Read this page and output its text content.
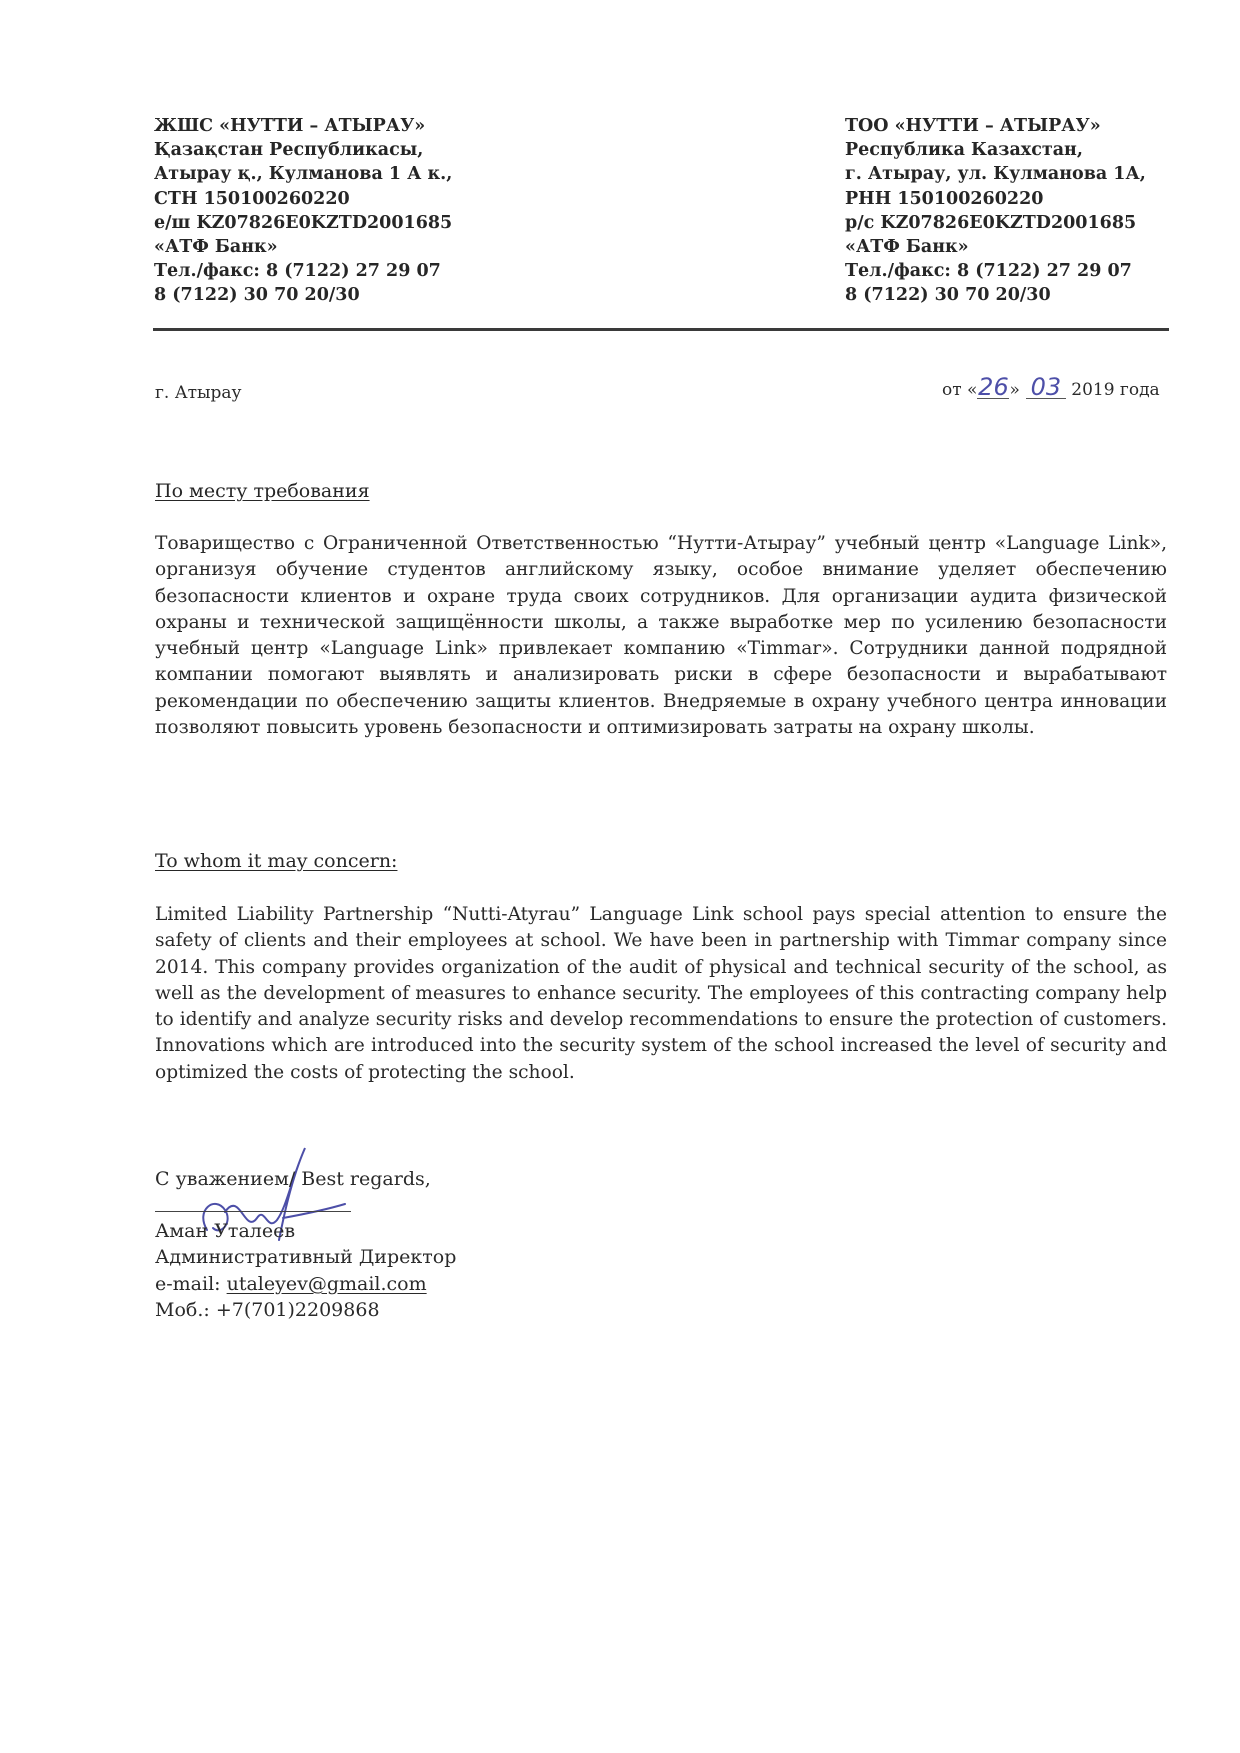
ЖШС «НУТТИ – АТЫРАУ»
Қазақстан Республикасы,
Атырау қ., Кулманова 1 А к.,
СТН 150100260220
е/ш KZ07826E0KZTD2001685
«АТФ Банк»
Тел./факс: 8 (7122) 27 29 07
8 (7122) 30 70 20/30
ТОО «НУТТИ – АТЫРАУ»
Республика Казахстан,
г. Атырау, ул. Кулманова 1А,
РНН 150100260220
р/с KZ07826E0KZTD2001685
«АТФ Банк»
Тел./факс: 8 (7122) 27 29 07
8 (7122) 30 70 20/30
г. Атырау	от «26» 03 2019 года
По месту требования
Товарищество с Ограниченной Ответственностью “Нутти-Атырау” учебный центр «Language Link», организуя обучение студентов английскому языку, особое внимание уделяет обеспечению безопасности клиентов и охране труда своих сотрудников. Для организации аудита физической охраны и технической защищённости школы, а также выработке мер по усилению безопасности учебный центр «Language Link» привлекает компанию «Timmar». Сотрудники данной подрядной компании помогают выявлять и анализировать риски в сфере безопасности и вырабатывают рекомендации по обеспечению защиты клиентов. Внедряемые в охрану учебного центра инновации позволяют повысить уровень безопасности и оптимизировать затраты на охрану школы.
To whom it may concern:
Limited Liability Partnership “Nutti-Atyrau” Language Link school pays special attention to ensure the safety of clients and their employees at school. We have been in partnership with Timmar company since 2014. This company provides organization of the audit of physical and technical security of the school, as well as the development of measures to enhance security. The employees of this contracting company help to identify and analyze security risks and develop recommendations to ensure the protection of customers. Innovations which are introduced into the security system of the school increased the level of security and optimized the costs of protecting the school.
С уважением/ Best regards,
Аман Уталеев
Административный Директор
e-mail: utaleyev@gmail.com
Моб.: +7(701)2209868
